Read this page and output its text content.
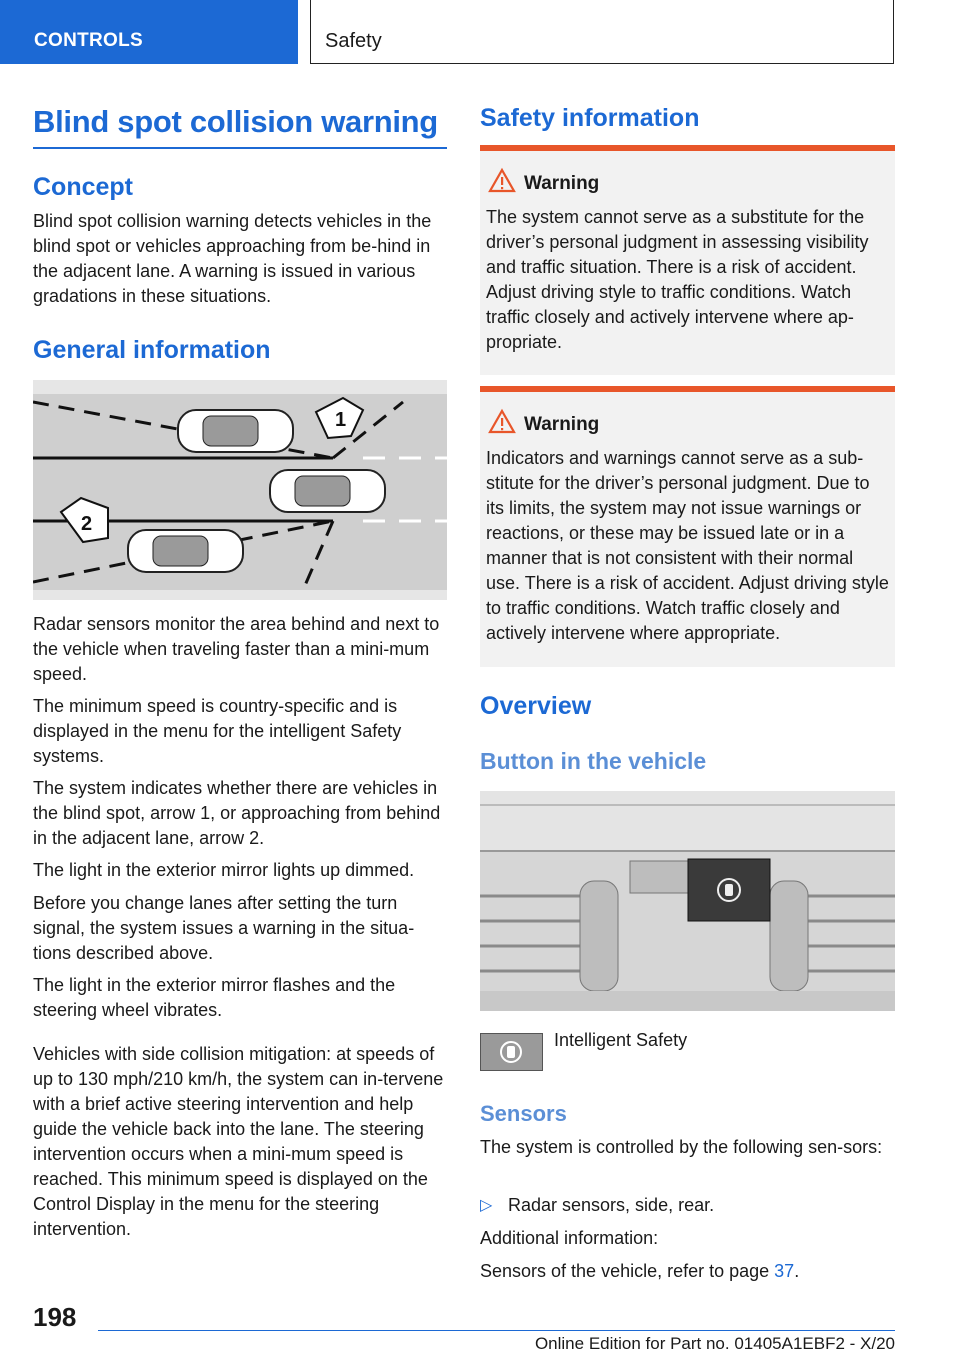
CONTROLS	Safety
Blind spot collision warning
Concept

Blind spot collision warning detects vehicles in the blind spot or vehicles approaching from be-hind in the adjacent lane. A warning is issued in various gradations in these situations.

General information
1
2

Radar sensors monitor the area behind and next to the vehicle when traveling faster than a mini-mum speed.

The minimum speed is country-specific and is displayed in the menu for the intelligent Safety systems.

The system indicates whether there are vehicles in the blind spot, arrow 1, or approaching from behind in the adjacent lane, arrow 2.

The light in the exterior mirror lights up dimmed.

Before you change lanes after setting the turn signal, the system issues a warning in the situa-tions described above.

The light in the exterior mirror flashes and the steering wheel vibrates.

Vehicles with side collision mitigation: at speeds of up to 130 mph/210 km/h, the system can in-tervene with a brief active steering intervention and help guide the vehicle back into the lane. The steering intervention occurs when a mini-mum speed is reached. This minimum speed is displayed on the Control Display in the menu for the steering intervention.

Safety information
Warning
The system cannot serve as a substitute for the driver’s personal judgment in assessing visibility and traffic situation. There is a risk of accident. Adjust driving style to traffic conditions. Watch traffic closely and actively intervene where ap-propriate.
Warning
Indicators and warnings cannot serve as a sub-stitute for the driver’s personal judgment. Due to its limits, the system may not issue warnings or reactions, or these may be issued late or in a manner that is not consistent with their normal use. There is a risk of accident. Adjust driving style to traffic conditions. Watch traffic closely and actively intervene where appropriate.
Overview
Button in the vehicle

Intelligent Safety

Sensors

The system is controlled by the following sen-sors:

▷ Radar sensors, side, rear.

Additional information:

Sensors of the vehicle, refer to page 37.

198
Online Edition for Part no. 01405A1EBF2 - X/20
